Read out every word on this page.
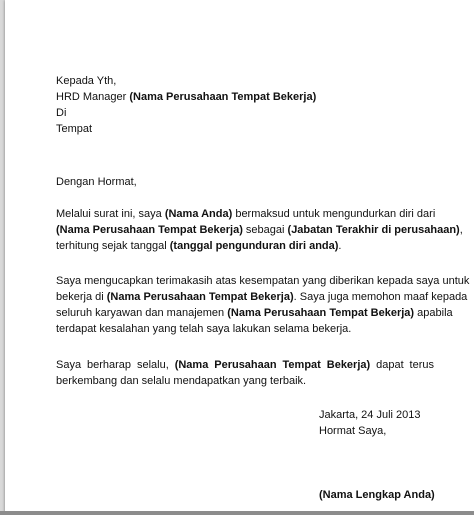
Kepada Yth,
HRD Manager (Nama Perusahaan Tempat Bekerja)
Di
Tempat
Dengan Hormat,
Melalui surat ini, saya (Nama Anda) bermaksud untuk mengundurkan diri dari
(Nama Perusahaan Tempat Bekerja) sebagai (Jabatan Terakhir di perusahaan),
terhitung sejak tanggal (tanggal pengunduran diri anda).
Saya mengucapkan terimakasih atas kesempatan yang diberikan kepada saya untuk
bekerja di (Nama Perusahaan Tempat Bekerja). Saya juga memohon maaf kepada
seluruh karyawan dan manajemen (Nama Perusahaan Tempat Bekerja) apabila
terdapat kesalahan yang telah saya lakukan selama bekerja.
Saya berharap selalu, (Nama Perusahaan Tempat Bekerja) dapat terus
berkembang dan selalu mendapatkan yang terbaik.
Jakarta, 24 Juli 2013
Hormat Saya,
(Nama Lengkap Anda)
